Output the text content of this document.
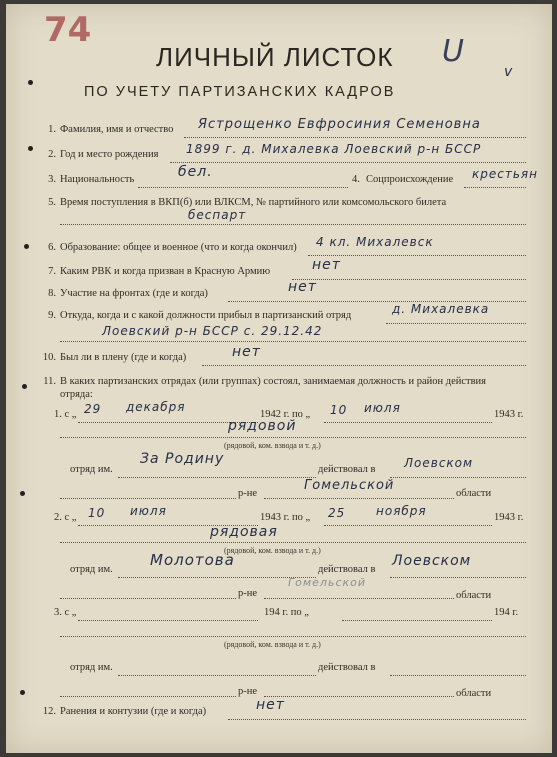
74
ЛИЧНЫЙ ЛИСТОК U
ПО УЧЕТУ ПАРТИЗАНСКИХ КАДРОВ
v
1. Фамилия, имя и отчество Ястрощенко Евфросиния Семеновна
2. Год и место рождения 1899 г. д. Михалевка Лоевский р-н БССР
3. Национальность	бел.	4. Соцпроисхождение крестьян
5. Время поступления в ВКП(б) или ВЛКСМ, № партийного или комсомольского билета
беспарт
6. Образование: общее и военное (что и когда окончил) 4 кл. Михалевск
7. Каким РВК и когда призван в Красную Армию	нет
8. Участие на фронтах (где и когда)	нет
9. Откуда, когда и с какой должности прибыл в партизанский отряд	д. Михалевка
Лоевский р-н БССР с. 29.12.42
10. Был ли в плену (где и когда)	нет
11. В каких партизанских отрядах (или группах) состоял, занимаемая должность и район действия
отряда:
1. с „ 29 декабря
1942 г. по „ 10 июля	1943 г.
рядовой
(рядовой, ком. взвода и т. д.)
отряд им.
За Родину
действовал в Лоевском
р-не
Гомельской
области
2. с „ 10 июля	1943 г. по „ 25	ноября	1943 г.
рядовая
(рядовой, ком. взвода и т. д.)
отряд им.
Молотова
действовал в
Лоевском
Гомельской
р-не	области
3. с „	194 г. по „	194 г.
(рядовой, ком. взвода и т. д.)
отряд им.	действовал в
р-не	области
12. Ранения и контузии (где и когда)	нет
